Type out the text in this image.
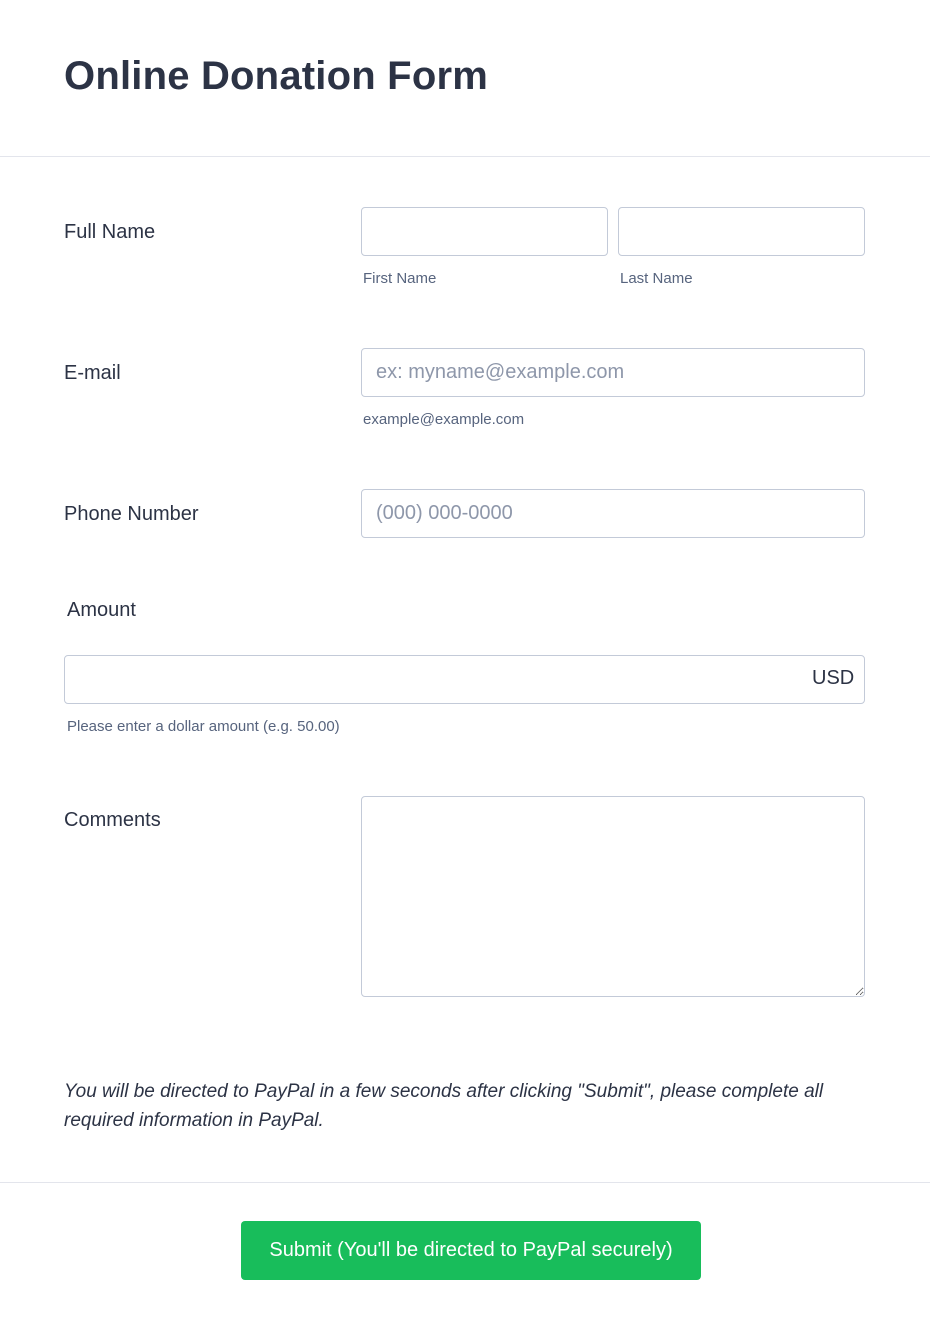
Online Donation Form
Full Name
First Name	Last Name
E-mail
ex: myname@example.com
example@example.com
Phone Number
(000) 000-0000
Amount
USD
Please enter a dollar amount (e.g. 50.00)
Comments

You will be directed to PayPal in a few seconds after clicking "Submit", please complete all required information in PayPal.

Submit (You'll be directed to PayPal securely)
